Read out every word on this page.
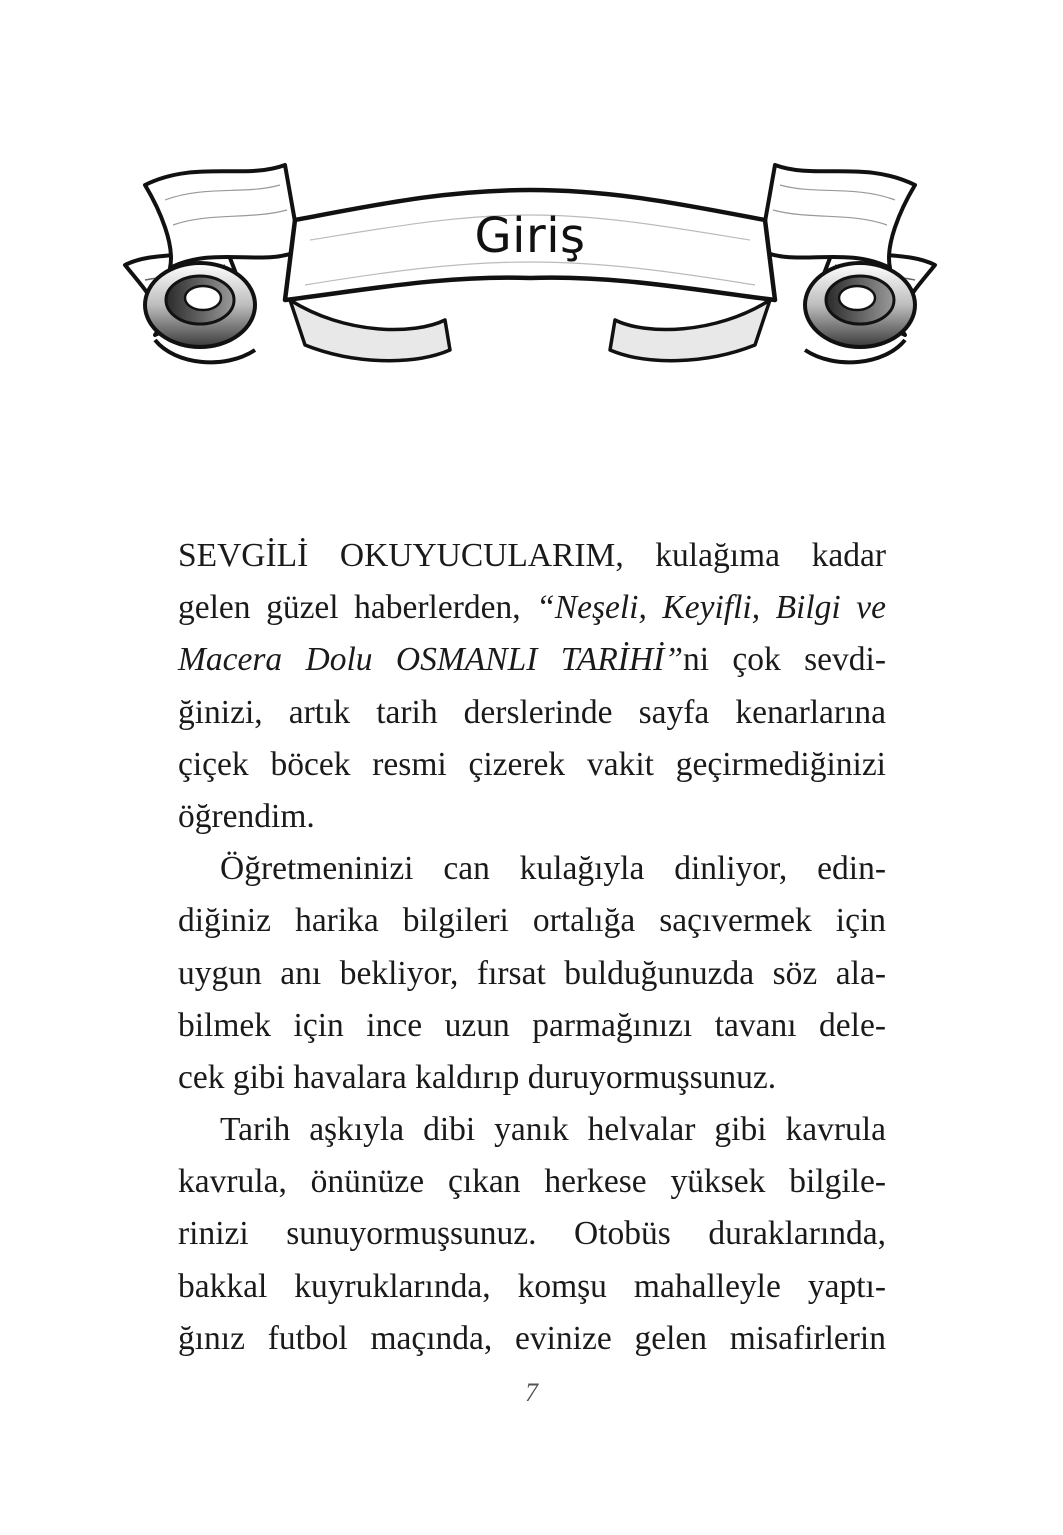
Giriş
SEVGİLİ OKUYUCULARIM, kulağıma kadar
gelen güzel haberlerden, “Neşeli, Keyifli, Bilgi ve
Macera Dolu OSMANLI TARİHİ”ni çok sevdi-
ğinizi, artık tarih derslerinde sayfa kenarlarına
çiçek böcek resmi çizerek vakit geçirmediğinizi
öğrendim.
Öğretmeninizi can kulağıyla dinliyor, edin-
diğiniz harika bilgileri ortalığa saçıvermek için
uygun anı bekliyor, fırsat bulduğunuzda söz ala-
bilmek için ince uzun parmağınızı tavanı dele-
cek gibi havalara kaldırıp duruyormuşsunuz.
Tarih aşkıyla dibi yanık helvalar gibi kavrula
kavrula, önünüze çıkan herkese yüksek bilgile-
rinizi sunuyormuşsunuz. Otobüs duraklarında,
bakkal kuyruklarında, komşu mahalleyle yaptı-
ğınız futbol maçında, evinize gelen misafirlerin
7
